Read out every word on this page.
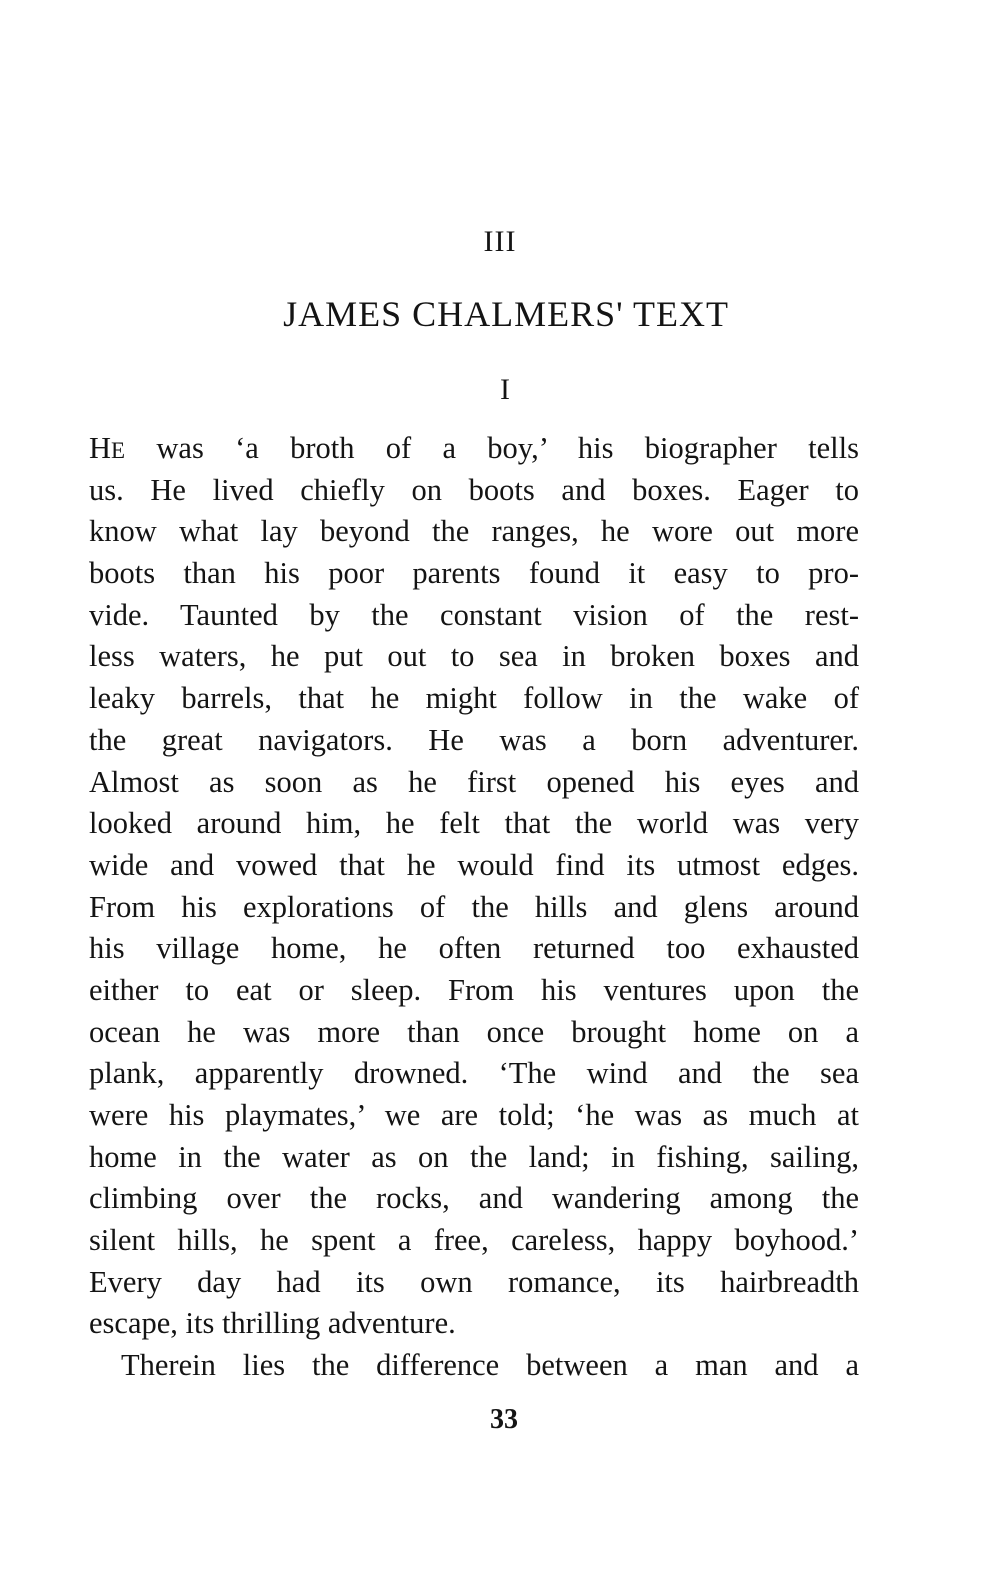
III
JAMES CHALMERS' TEXT
I
HE was ‘a broth of a boy,’ his biographer tells
us. He lived chiefly on boots and boxes. Eager to
know what lay beyond the ranges, he wore out more
boots than his poor parents found it easy to pro-
vide. Taunted by the constant vision of the rest-
less waters, he put out to sea in broken boxes and
leaky barrels, that he might follow in the wake of
the great navigators. He was a born adventurer.
Almost as soon as he first opened his eyes and
looked around him, he felt that the world was very
wide and vowed that he would find its utmost edges.
From his explorations of the hills and glens around
his village home, he often returned too exhausted
either to eat or sleep. From his ventures upon the
ocean he was more than once brought home on a
plank, apparently drowned. ‘The wind and the sea
were his playmates,’ we are told; ‘he was as much at
home in the water as on the land; in fishing, sailing,
climbing over the rocks, and wandering among the
silent hills, he spent a free, careless, happy boyhood.’
Every day had its own romance, its hairbreadth
escape, its thrilling adventure.
Therein lies the difference between a man and a
33
